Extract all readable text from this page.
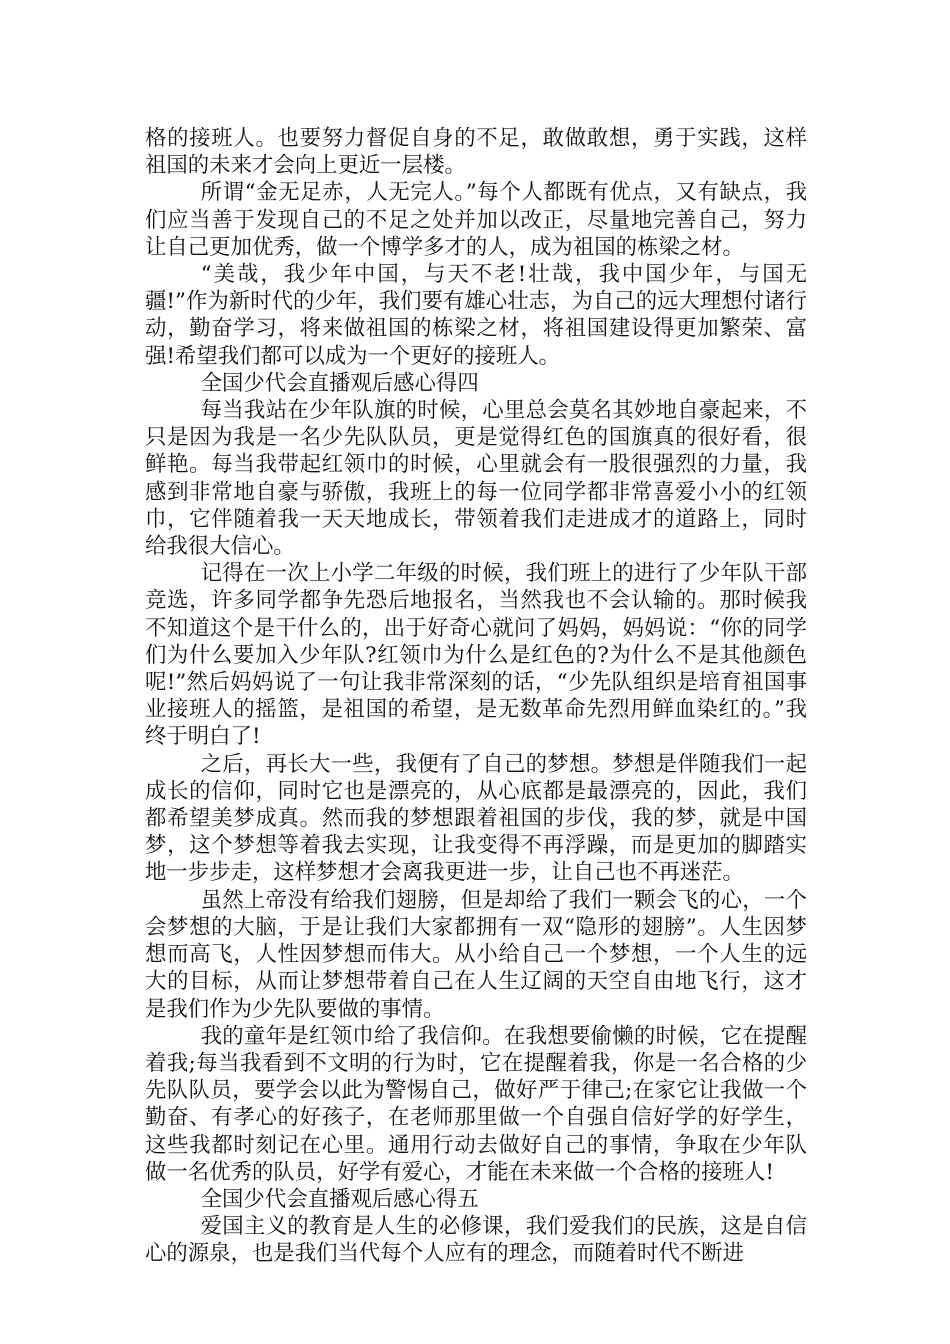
格的接班人。也要努力督促自身的不足，敢做敢想，勇于实践，这样祖国的未来才会向上更近一层楼。

所谓“金无足赤，人无完人。”每个人都既有优点，又有缺点，我们应当善于发现自己的不足之处并加以改正，尽量地完善自己，努力让自己更加优秀，做一个博学多才的人，成为祖国的栋梁之材。

“美哉，我少年中国，与天不老!壮哉，我中国少年，与国无疆!”作为新时代的少年，我们要有雄心壮志，为自己的远大理想付诸行动，勤奋学习，将来做祖国的栋梁之材，将祖国建设得更加繁荣、富强!希望我们都可以成为一个更好的接班人。

全国少代会直播观后感心得四

每当我站在少年队旗的时候，心里总会莫名其妙地自豪起来，不只是因为我是一名少先队队员，更是觉得红色的国旗真的很好看，很鲜艳。每当我带起红领巾的时候，心里就会有一股很强烈的力量，我感到非常地自豪与骄傲，我班上的每一位同学都非常喜爱小小的红领巾，它伴随着我一天天地成长，带领着我们走进成才的道路上，同时给我很大信心。

记得在一次上小学二年级的时候，我们班上的进行了少年队干部竞选，许多同学都争先恐后地报名，当然我也不会认输的。那时候我不知道这个是干什么的，出于好奇心就问了妈妈，妈妈说：“你的同学们为什么要加入少年队?红领巾为什么是红色的?为什么不是其他颜色呢!”然后妈妈说了一句让我非常深刻的话，“少先队组织是培育祖国事业接班人的摇篮，是祖国的希望，是无数革命先烈用鲜血染红的。”我终于明白了!

之后，再长大一些，我便有了自己的梦想。梦想是伴随我们一起成长的信仰，同时它也是漂亮的，从心底都是最漂亮的，因此，我们都希望美梦成真。然而我的梦想跟着祖国的步伐，我的梦，就是中国梦，这个梦想等着我去实现，让我变得不再浮躁，而是更加的脚踏实地一步步走，这样梦想才会离我更进一步，让自己也不再迷茫。

虽然上帝没有给我们翅膀，但是却给了我们一颗会飞的心，一个会梦想的大脑，于是让我们大家都拥有一双“隐形的翅膀”。人生因梦想而高飞，人性因梦想而伟大。从小给自己一个梦想，一个人生的远大的目标，从而让梦想带着自己在人生辽阔的天空自由地飞行，这才是我们作为少先队要做的事情。

我的童年是红领巾给了我信仰。在我想要偷懒的时候，它在提醒着我;每当我看到不文明的行为时，它在提醒着我，你是一名合格的少先队队员，要学会以此为警惕自己，做好严于律己;在家它让我做一个勤奋、有孝心的好孩子，在老师那里做一个自强自信好学的好学生，这些我都时刻记在心里。通用行动去做好自己的事情，争取在少年队做一名优秀的队员，好学有爱心，才能在未来做一个合格的接班人!

全国少代会直播观后感心得五

爱国主义的教育是人生的必修课，我们爱我们的民族，这是自信心的源泉，也是我们当代每个人应有的理念，而随着时代不断进
